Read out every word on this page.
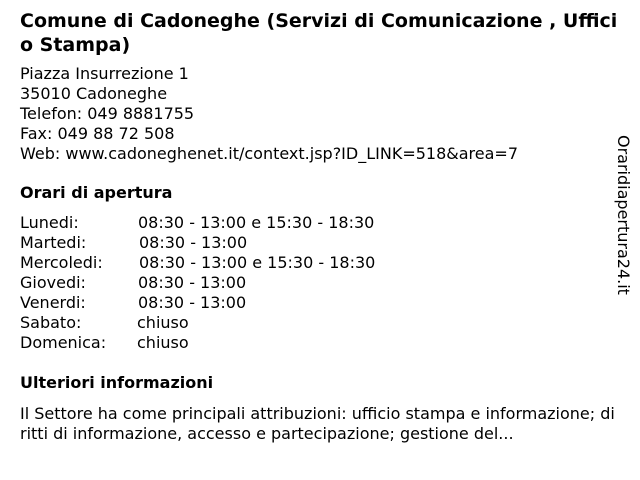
Comune di Cadoneghe (Servizi di Comunicazione , Ufficio Stampa)
Piazza Insurrezione 1
35010 Cadoneghe
Telefon: 049 8881755
Fax: 049 88 72 508
Web: www.cadoneghenet.it/context.jsp?ID_LINK=518&area=7
Orari di apertura
Lunedi:	08:30 - 13:00 e 15:30 - 18:30
Martedi:	08:30 - 13:00
Mercoledi: 08:30 - 13:00 e 15:30 - 18:30
Giovedi:	08:30 - 13:00
Venerdi:	08:30 - 13:00
Sabato:	chiuso
Domenica: chiuso
Ulteriori informazioni

Il Settore ha come principali attribuzioni: ufficio stampa e informazione; diritti di informazione, accesso e partecipazione; gestione del...

Oraridiapertura24.it
